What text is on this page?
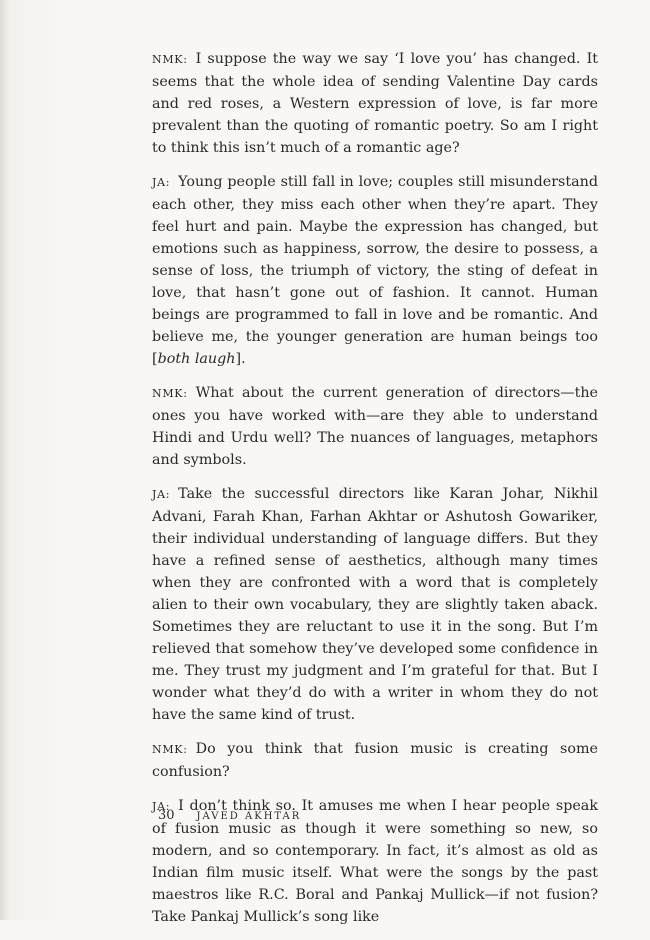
NMK: I suppose the way we say ‘I love you’ has changed. It seems that the whole idea of sending Valentine Day cards and red roses, a Western expression of love, is far more prevalent than the quoting of romantic poetry. So am I right to think this isn’t much of a romantic age?

JA: Young people still fall in love; couples still misunderstand each other, they miss each other when they’re apart. They feel hurt and pain. Maybe the expression has changed, but emotions such as happiness, sorrow, the desire to possess, a sense of loss, the triumph of victory, the sting of defeat in love, that hasn’t gone out of fashion. It cannot. Human beings are programmed to fall in love and be romantic. And believe me, the younger generation are human beings too [both laugh].

NMK: What about the current generation of directors—the ones you have worked with—are they able to understand Hindi and Urdu well? The nuances of languages, metaphors and symbols.

JA: Take the successful directors like Karan Johar, Nikhil Advani, Farah Khan, Farhan Akhtar or Ashutosh Gowariker, their individual understanding of language differs. But they have a refined sense of aesthetics, although many times when they are confronted with a word that is completely alien to their own vocabulary, they are slightly taken aback. Sometimes they are reluctant to use it in the song. But I’m relieved that somehow they’ve developed some confidence in me. They trust my judgment and I’m grateful for that. But I wonder what they’d do with a writer in whom they do not have the same kind of trust.

NMK: Do you think that fusion music is creating some confusion?

JA: I don’t think so. It amuses me when I hear people speak of fusion music as though it were something so new, so modern, and so contemporary. In fact, it’s almost as old as Indian film music itself. What were the songs by the past maestros like R.C. Boral and Pankaj Mullick—if not fusion? Take Pankaj Mullick’s song like

30 JAVED AKHTAR
